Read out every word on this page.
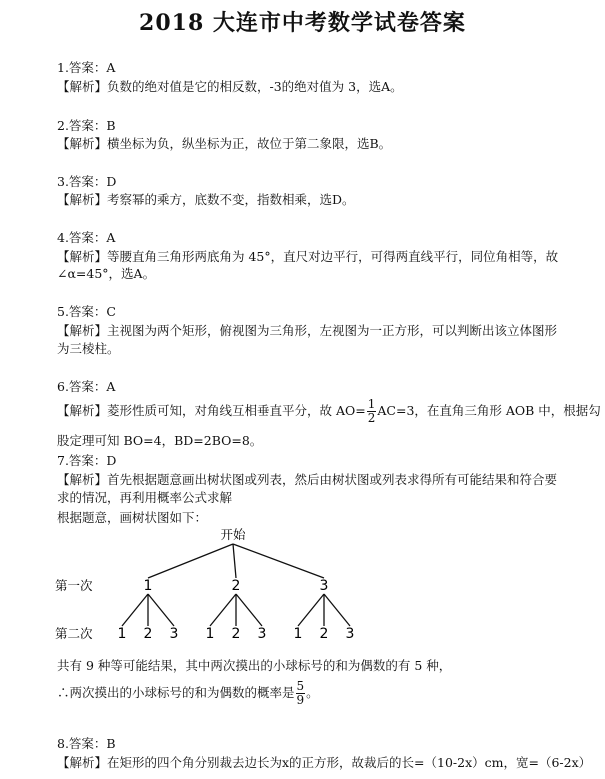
2018 大连市中考数学试卷答案
1.答案：A
【解析】负数的绝对值是它的相反数，-3的绝对值为 3，选A。
2.答案：B
【解析】横坐标为负，纵坐标为正，故位于第二象限，选B。
3.答案：D
【解析】考察幂的乘方，底数不变，指数相乘，选D。
4.答案：A
【解析】等腰直角三角形两底角为 45°，直尺对边平行，可得两直线平行，同位角相等，故
∠α=45°，选A。
5.答案：C
【解析】主视图为两个矩形，俯视图为三角形，左视图为一正方形，可以判断出该立体图形
为三棱柱。
6.答案：A
【解析】菱形性质可知，对角线互相垂直平分，故 $AO= \frac{1}{2} AC=3$，在直角三角形 AOB 中，根据勾
股定理可知 BO=4，BD=2BO=8。
7.答案：D
【解析】首先根据题意画出树状图或列表，然后由树状图或列表求得所有可能结果和符合要
求的情况，再利用概率公式求解
根据题意，画树状图如下：
开始
第一次
第二次
1
1 2 3
2
1 2 3
3
1 2 3
共有 9 种等可能结果，其中两次摸出的小球标号的和为偶数的有 5 种，
∴两次摸出的小球标号的和为偶数的概率是 $\frac{5}{9}$ 。
8.答案：B
【解析】在矩形的四个角分别裁去边长为x的正方形，故裁后的长=（10-2x）cm，宽=（6-2x）
